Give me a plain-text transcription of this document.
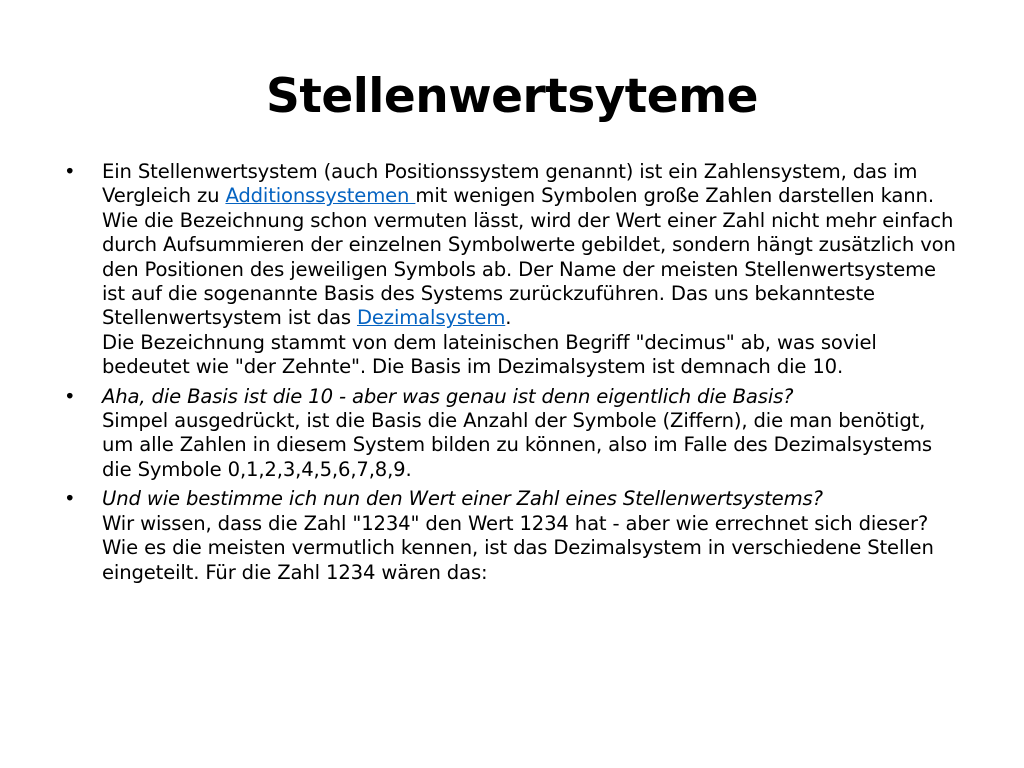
Stellenwertsyteme
• Ein Stellenwertsystem (auch Positionssystem genannt) ist ein Zahlensystem, das im Vergleich zu Additionssystemen mit wenigen Symbolen große Zahlen darstellen kann. Wie die Bezeichnung schon vermuten lässt, wird der Wert einer Zahl nicht mehr einfach durch Aufsummieren der einzelnen Symbolwerte gebildet, sondern hängt zusätzlich von den Positionen des jeweiligen Symbols ab. Der Name der meisten Stellenwertsysteme ist auf die sogenannte Basis des Systems zurückzuführen. Das uns bekannteste Stellenwertsystem ist das Dezimalsystem.
Die Bezeichnung stammt von dem lateinischen Begriff "decimus" ab, was soviel bedeutet wie "der Zehnte". Die Basis im Dezimalsystem ist demnach die 10.
• Aha, die Basis ist die 10 - aber was genau ist denn eigentlich die Basis?
Simpel ausgedrückt, ist die Basis die Anzahl der Symbole (Ziffern), die man benötigt, um alle Zahlen in diesem System bilden zu können, also im Falle des Dezimalsystems die Symbole 0,1,2,3,4,5,6,7,8,9.
• Und wie bestimme ich nun den Wert einer Zahl eines Stellenwertsystems?
Wir wissen, dass die Zahl "1234" den Wert 1234 hat - aber wie errechnet sich dieser? Wie es die meisten vermutlich kennen, ist das Dezimalsystem in verschiedene Stellen eingeteilt. Für die Zahl 1234 wären das:
